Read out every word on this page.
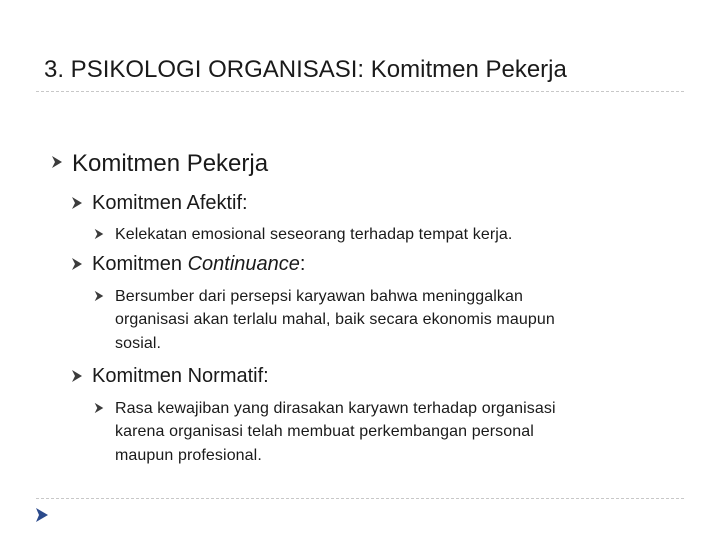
3. PSIKOLOGI ORGANISASI: Komitmen Pekerja
Komitmen Pekerja
Komitmen Afektif:
Kelekatan emosional seseorang terhadap tempat kerja.
Komitmen Continuance:
Bersumber dari persepsi karyawan bahwa meninggalkan
organisasi akan terlalu mahal, baik secara ekonomis maupun
sosial.
Komitmen Normatif:
Rasa kewajiban yang dirasakan karyawn terhadap organisasi
karena organisasi telah membuat perkembangan personal
maupun profesional.
